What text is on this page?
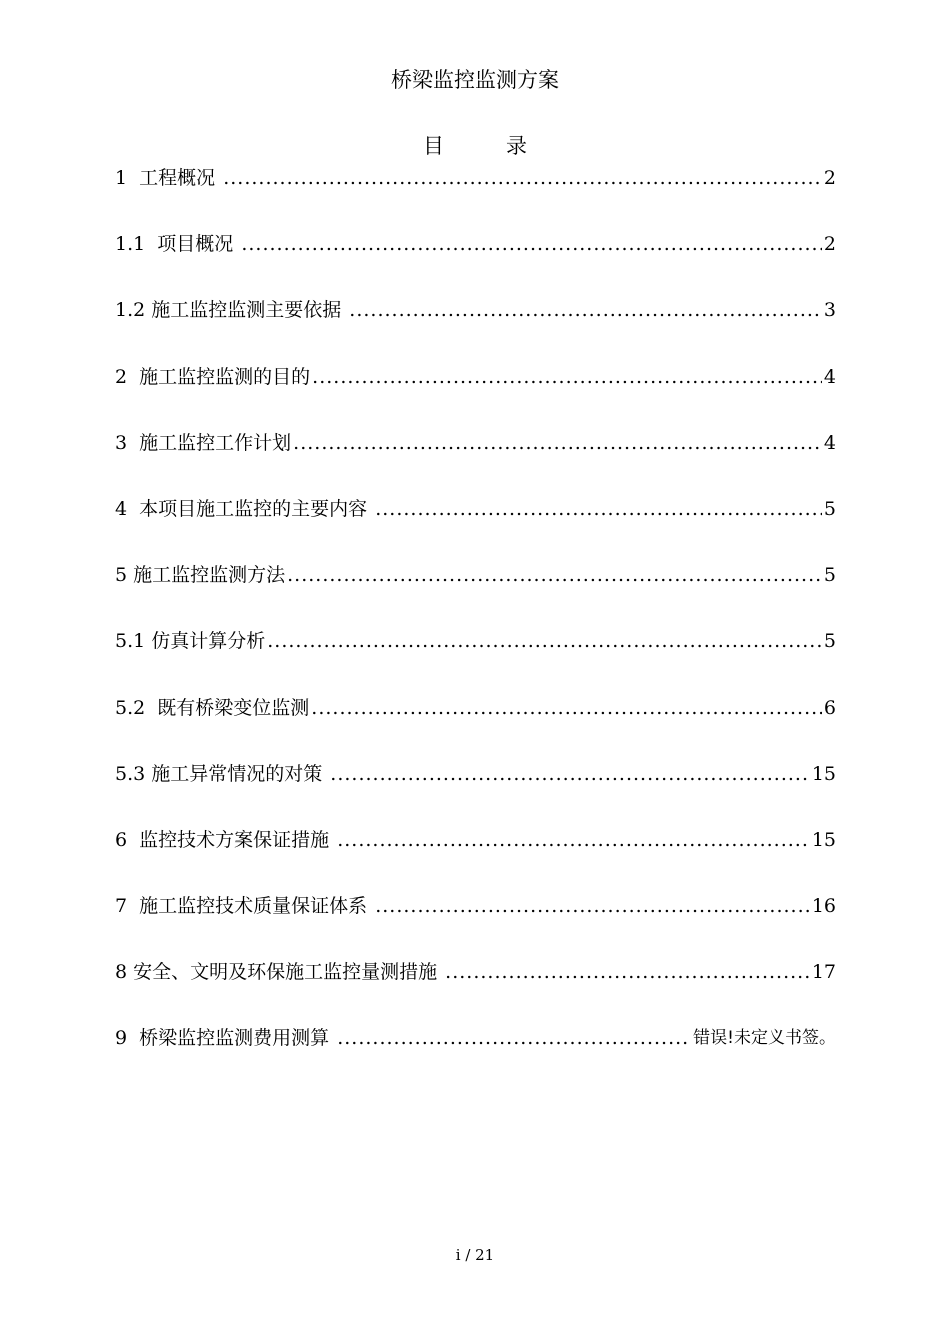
桥梁监控监测方案
目录
1  工程概况 .....	2
1.1  项目概况 .....	2
1.2 施工监控监测主要依据 .....	3
2  施工监控监测的目的 .....	4
3  施工监控工作计划 .....	4
4  本项目施工监控的主要内容 .....	5
5 施工监控监测方法 .....	5
5.1 仿真计算分析 .....	5
5.2  既有桥梁变位监测 .....	6
5.3 施工异常情况的对策 .....	15
6  监控技术方案保证措施 .....	15
7  施工监控技术质量保证体系 .....	16
8 安全、文明及环保施工监控量测措施 .....	17
9  桥梁监控监测费用测算 .....	错误!未定义书签。
i / 21
